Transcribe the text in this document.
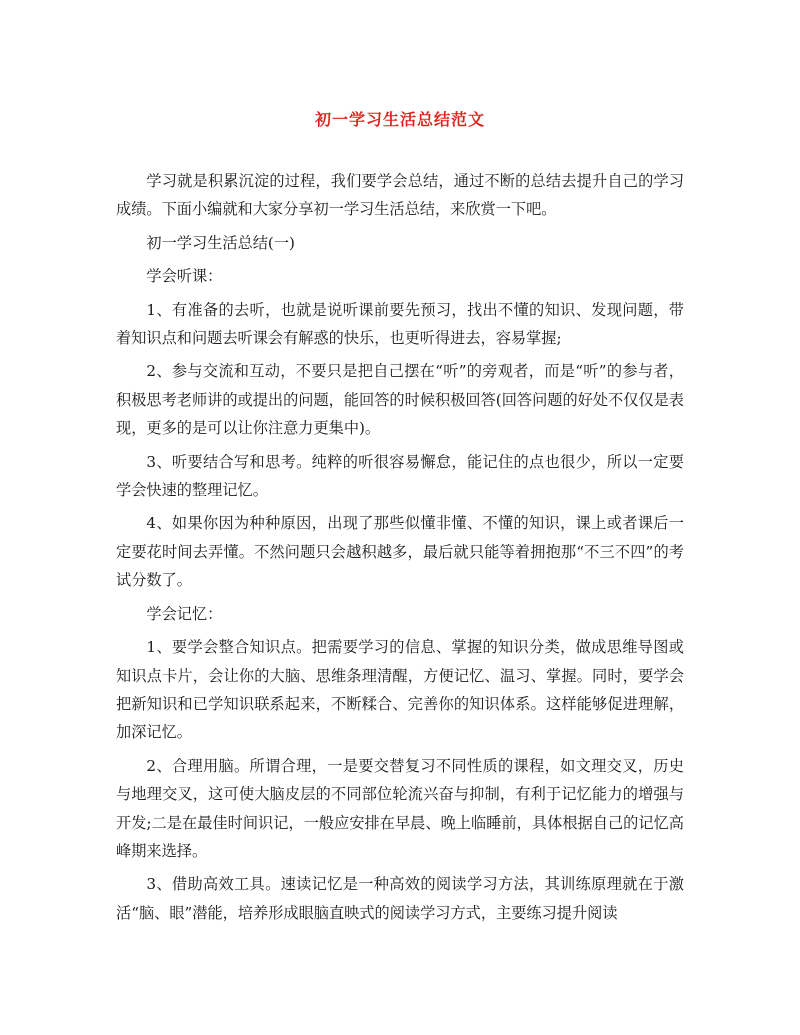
初一学习生活总结范文

学习就是积累沉淀的过程，我们要学会总结，通过不断的总结去提升自己的学习成绩。下面小编就和大家分享初一学习生活总结，来欣赏一下吧。

初一学习生活总结(一)

学会听课：

1、有准备的去听，也就是说听课前要先预习，找出不懂的知识、发现问题，带着知识点和问题去听课会有解惑的快乐，也更听得进去，容易掌握;

2、参与交流和互动，不要只是把自己摆在“听”的旁观者，而是“听”的参与者，积极思考老师讲的或提出的问题，能回答的时候积极回答(回答问题的好处不仅仅是表现，更多的是可以让你注意力更集中)。

3、听要结合写和思考。纯粹的听很容易懈怠，能记住的点也很少，所以一定要学会快速的整理记忆。

4、如果你因为种种原因，出现了那些似懂非懂、不懂的知识，课上或者课后一定要花时间去弄懂。不然问题只会越积越多，最后就只能等着拥抱那“不三不四”的考试分数了。

学会记忆：

1、要学会整合知识点。把需要学习的信息、掌握的知识分类，做成思维导图或知识点卡片，会让你的大脑、思维条理清醒，方便记忆、温习、掌握。同时，要学会把新知识和已学知识联系起来，不断糅合、完善你的知识体系。这样能够促进理解，加深记忆。

2、合理用脑。所谓合理，一是要交替复习不同性质的课程，如文理交叉，历史与地理交叉，这可使大脑皮层的不同部位轮流兴奋与抑制，有利于记忆能力的增强与开发;二是在最佳时间识记，一般应安排在早晨、晚上临睡前，具体根据自己的记忆高峰期来选择。

3、借助高效工具。速读记忆是一种高效的阅读学习方法，其训练原理就在于激活“脑、眼”潜能，培养形成眼脑直映式的阅读学习方式，主要练习提升阅读
